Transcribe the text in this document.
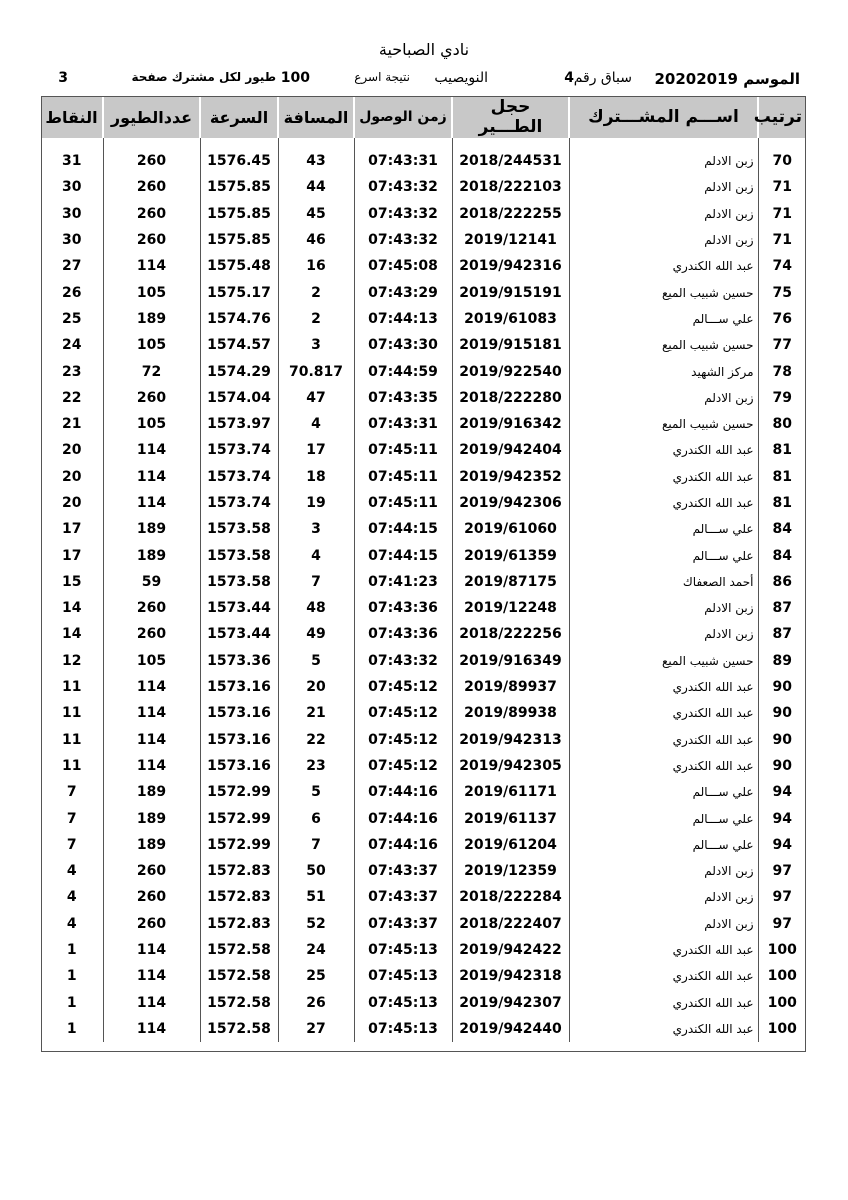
نادي الصباحية
الموسم
20202019
سباق رقم
4
النويصيب
نتيجة اسرع
100
طيور لكل مشترك صفحة
3
ترتيب	اســـم المشـــترك	حجل الطـــير	زمن الوصول	المسافة	السرعة	عددالطيور	النقاط
70	زبن الادلم	2018/244531	07:43:31	43	1576.45	260	31
71	زبن الادلم	2018/222103	07:43:32	44	1575.85	260	30
71	زبن الادلم	2018/222255	07:43:32	45	1575.85	260	30
71	زبن الادلم	2019/12141	07:43:32	46	1575.85	260	30
74	عبد الله الكندري	2019/942316	07:45:08	16	1575.48	114	27
75	حسين شبيب الميع	2019/915191	07:43:29	2	1575.17	105	26
76	علي ســـالم	2019/61083	07:44:13	2	1574.76	189	25
77	حسين شبيب الميع	2019/915181	07:43:30	3	1574.57	105	24
78	مركز الشهيد	2019/922540	07:44:59	70.817	1574.29	72	23
79	زبن الادلم	2018/222280	07:43:35	47	1574.04	260	22
80	حسين شبيب الميع	2019/916342	07:43:31	4	1573.97	105	21
81	عبد الله الكندري	2019/942404	07:45:11	17	1573.74	114	20
81	عبد الله الكندري	2019/942352	07:45:11	18	1573.74	114	20
81	عبد الله الكندري	2019/942306	07:45:11	19	1573.74	114	20
84	علي ســـالم	2019/61060	07:44:15	3	1573.58	189	17
84	علي ســـالم	2019/61359	07:44:15	4	1573.58	189	17
86	أحمد الصعفاك	2019/87175	07:41:23	7	1573.58	59	15
87	زبن الادلم	2019/12248	07:43:36	48	1573.44	260	14
87	زبن الادلم	2018/222256	07:43:36	49	1573.44	260	14
89	حسين شبيب الميع	2019/916349	07:43:32	5	1573.36	105	12
90	عبد الله الكندري	2019/89937	07:45:12	20	1573.16	114	11
90	عبد الله الكندري	2019/89938	07:45:12	21	1573.16	114	11
90	عبد الله الكندري	2019/942313	07:45:12	22	1573.16	114	11
90	عبد الله الكندري	2019/942305	07:45:12	23	1573.16	114	11
94	علي ســـالم	2019/61171	07:44:16	5	1572.99	189	7
94	علي ســـالم	2019/61137	07:44:16	6	1572.99	189	7
94	علي ســـالم	2019/61204	07:44:16	7	1572.99	189	7
97	زبن الادلم	2019/12359	07:43:37	50	1572.83	260	4
97	زبن الادلم	2018/222284	07:43:37	51	1572.83	260	4
97	زبن الادلم	2018/222407	07:43:37	52	1572.83	260	4
100	عبد الله الكندري	2019/942422	07:45:13	24	1572.58	114	1
100	عبد الله الكندري	2019/942318	07:45:13	25	1572.58	114	1
100	عبد الله الكندري	2019/942307	07:45:13	26	1572.58	114	1
100	عبد الله الكندري	2019/942440	07:45:13	27	1572.58	114	1
